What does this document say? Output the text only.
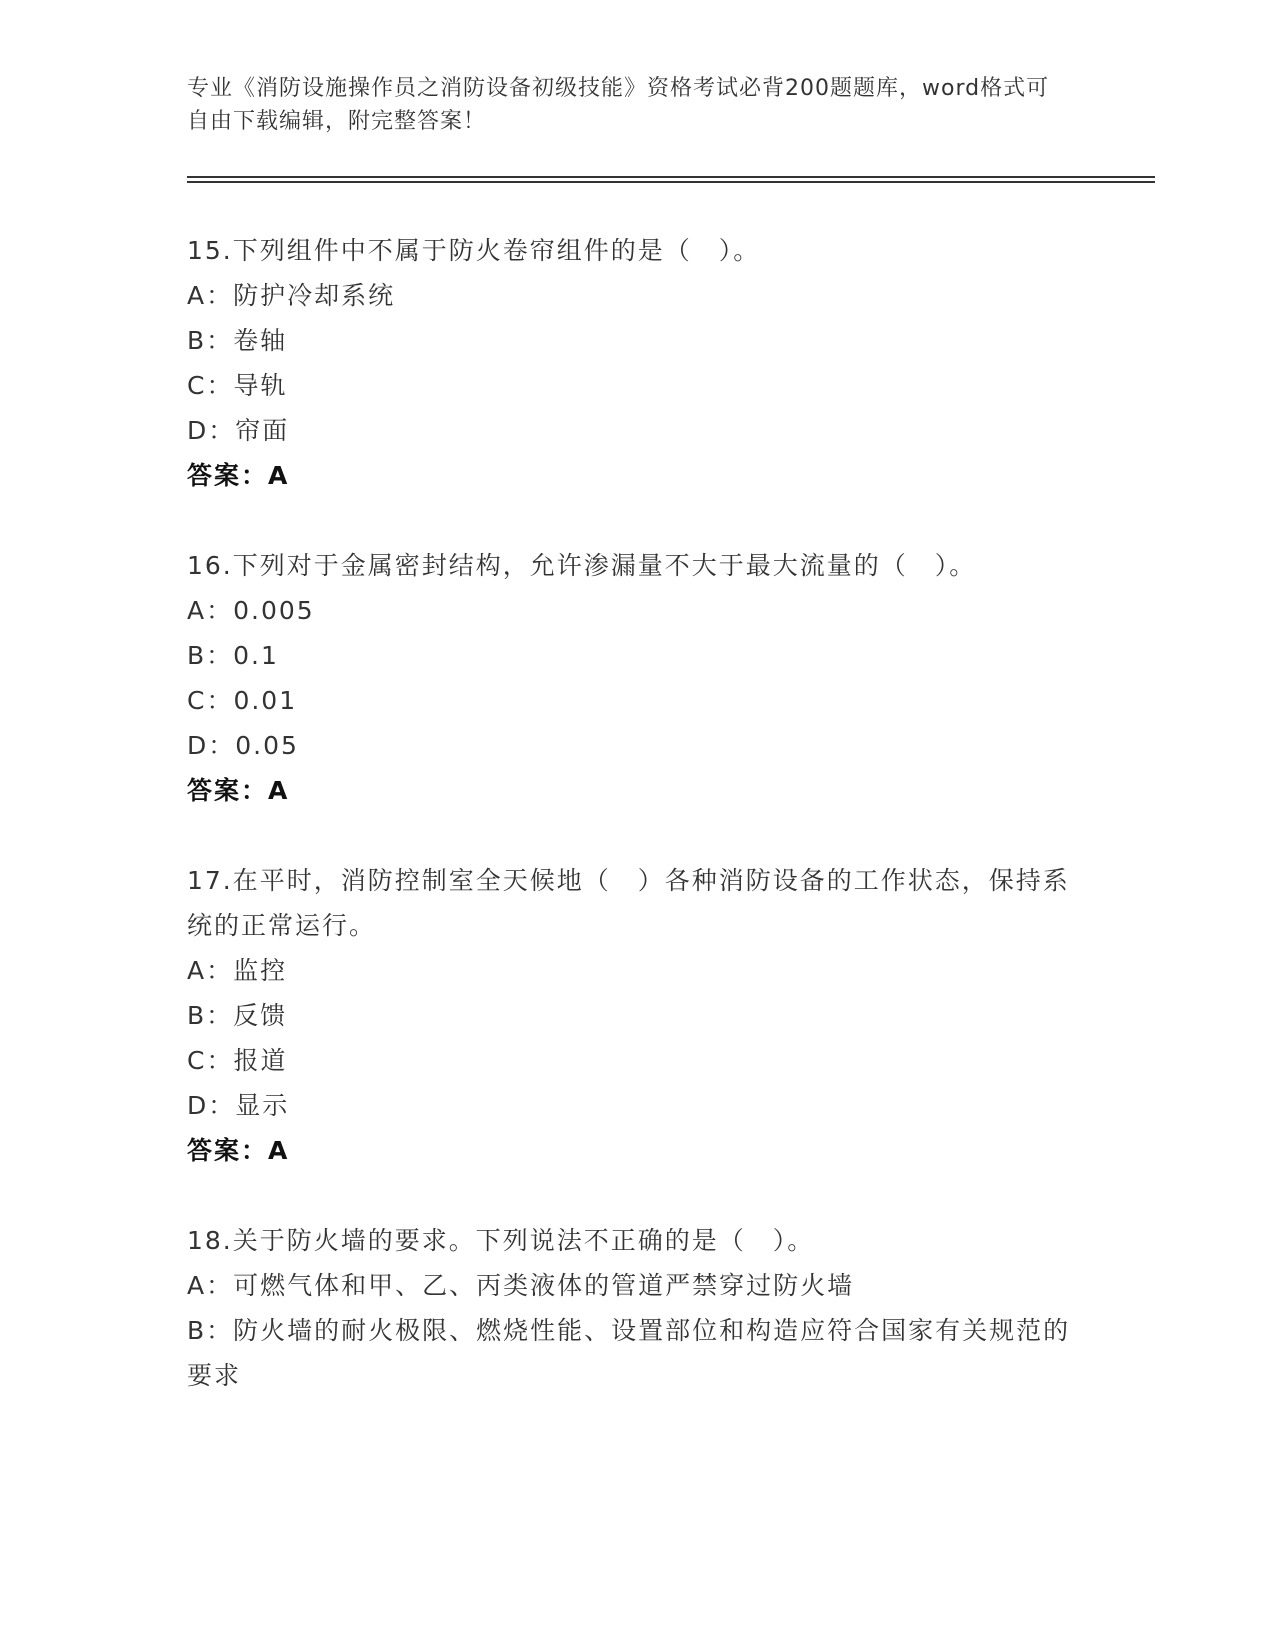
专业《消防设施操作员之消防设备初级技能》资格考试必背200题题库，word格式可自由下载编辑，附完整答案！

15.下列组件中不属于防火卷帘组件的是（　）。

A：防护冷却系统

B：卷轴

C：导轨

D：帘面

答案：A

16.下列对于金属密封结构，允许渗漏量不大于最大流量的（　）。

A：0.005

B：0.1

C：0.01

D：0.05

答案：A

17.在平时，消防控制室全天候地（　）各种消防设备的工作状态，保持系统的正常运行。

A：监控

B：反馈

C：报道

D：显示

答案：A

18.关于防火墙的要求。下列说法不正确的是（　）。

A：可燃气体和甲、乙、丙类液体的管道严禁穿过防火墙

B：防火墙的耐火极限、燃烧性能、设置部位和构造应符合国家有关规范的要求
